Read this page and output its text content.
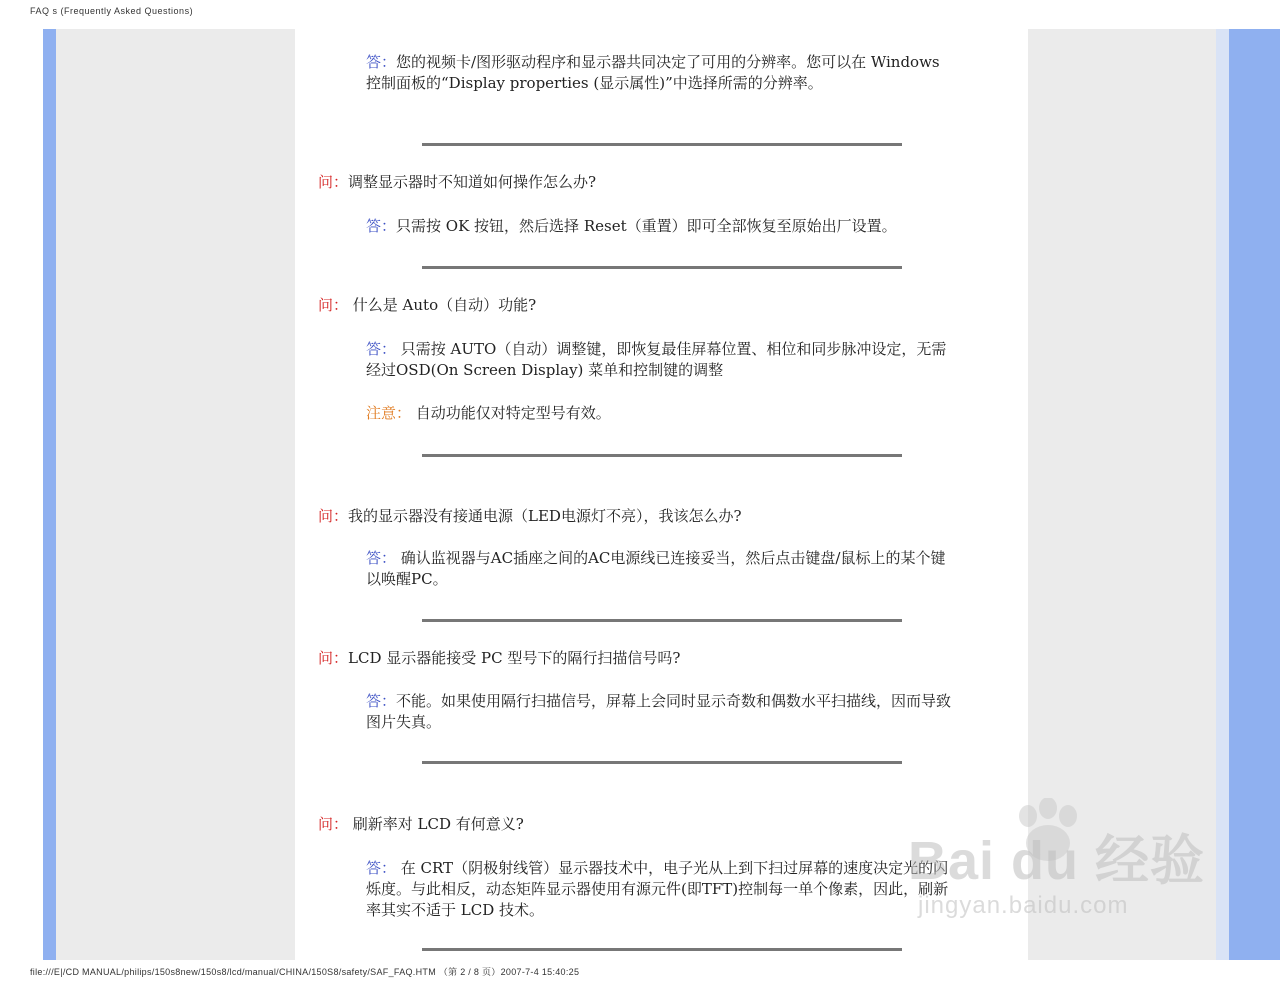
FAQ s (Frequently Asked Questions)
答：您的视频卡/图形驱动程序和显示器共同决定了可用的分辨率。您可以在 Windows 控制面板的“Display properties (显示属性)”中选择所需的分辨率。
问：调整显示器时不知道如何操作怎么办?
答：只需按 OK 按钮，然后选择 Reset（重置）即可全部恢复至原始出厂设置。
问： 什么是 Auto（自动）功能?
答： 只需按 AUTO（自动）调整键，即恢复最佳屏幕位置、相位和同步脉冲设定，无需经过OSD(On Screen Display) 菜单和控制键的调整
注意： 自动功能仅对特定型号有效。
问：我的显示器没有接通电源（LED电源灯不亮），我该怎么办?
答： 确认监视器与AC插座之间的AC电源线已连接妥当，然后点击键盘/鼠标上的某个键以唤醒PC。
问：LCD 显示器能接受 PC 型号下的隔行扫描信号吗?
答：不能。如果使用隔行扫描信号，屏幕上会同时显示奇数和偶数水平扫描线，因而导致图片失真。
问： 刷新率对 LCD 有何意义?
答： 在 CRT（阴极射线管）显示器技术中，电子光从上到下扫过屏幕的速度决定光的闪烁度。与此相反，动态矩阵显示器使用有源元件(即TFT)控制每一单个像素，因此，刷新率其实不适于 LCD 技术。
Bai du 经验
jingyan.baidu.com
file:///E|/CD MANUAL/philips/150s8new/150s8/lcd/manual/CHINA/150S8/safety/SAF_FAQ.HTM （第 2 / 8 页）2007-7-4 15:40:25
